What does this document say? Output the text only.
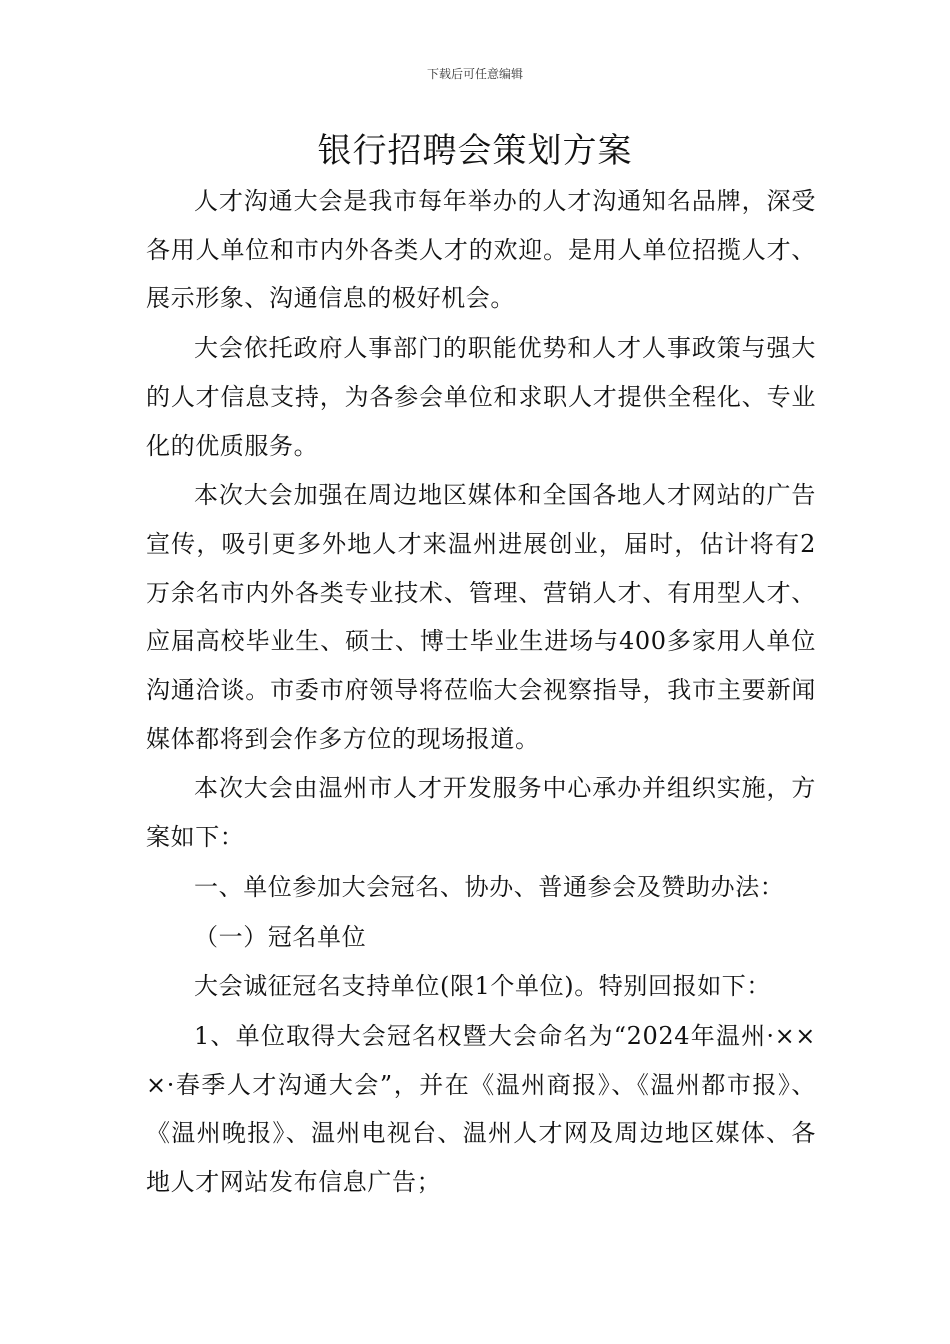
下载后可任意编辑
银行招聘会策划方案

人才沟通大会是我市每年举办的人才沟通知名品牌，深受各用人单位和市内外各类人才的欢迎。是用人单位招揽人才、展示形象、沟通信息的极好机会。

大会依托政府人事部门的职能优势和人才人事政策与强大的人才信息支持，为各参会单位和求职人才提供全程化、专业化的优质服务。

本次大会加强在周边地区媒体和全国各地人才网站的广告宣传，吸引更多外地人才来温州进展创业，届时，估计将有2万余名市内外各类专业技术、管理、营销人才、有用型人才、应届高校毕业生、硕士、博士毕业生进场与400多家用人单位沟通洽谈。市委市府领导将莅临大会视察指导，我市主要新闻媒体都将到会作多方位的现场报道。

本次大会由温州市人才开发服务中心承办并组织实施，方案如下：

一、单位参加大会冠名、协办、普通参会及赞助办法：

（一）冠名单位

大会诚征冠名支持单位(限1个单位)。特别回报如下：

1、单位取得大会冠名权暨大会命名为“2024年温州·×××·春季人才沟通大会”，并在《温州商报》、《温州都市报》、《温州晚报》、温州电视台、温州人才网及周边地区媒体、各地人才网站发布信息广告；
